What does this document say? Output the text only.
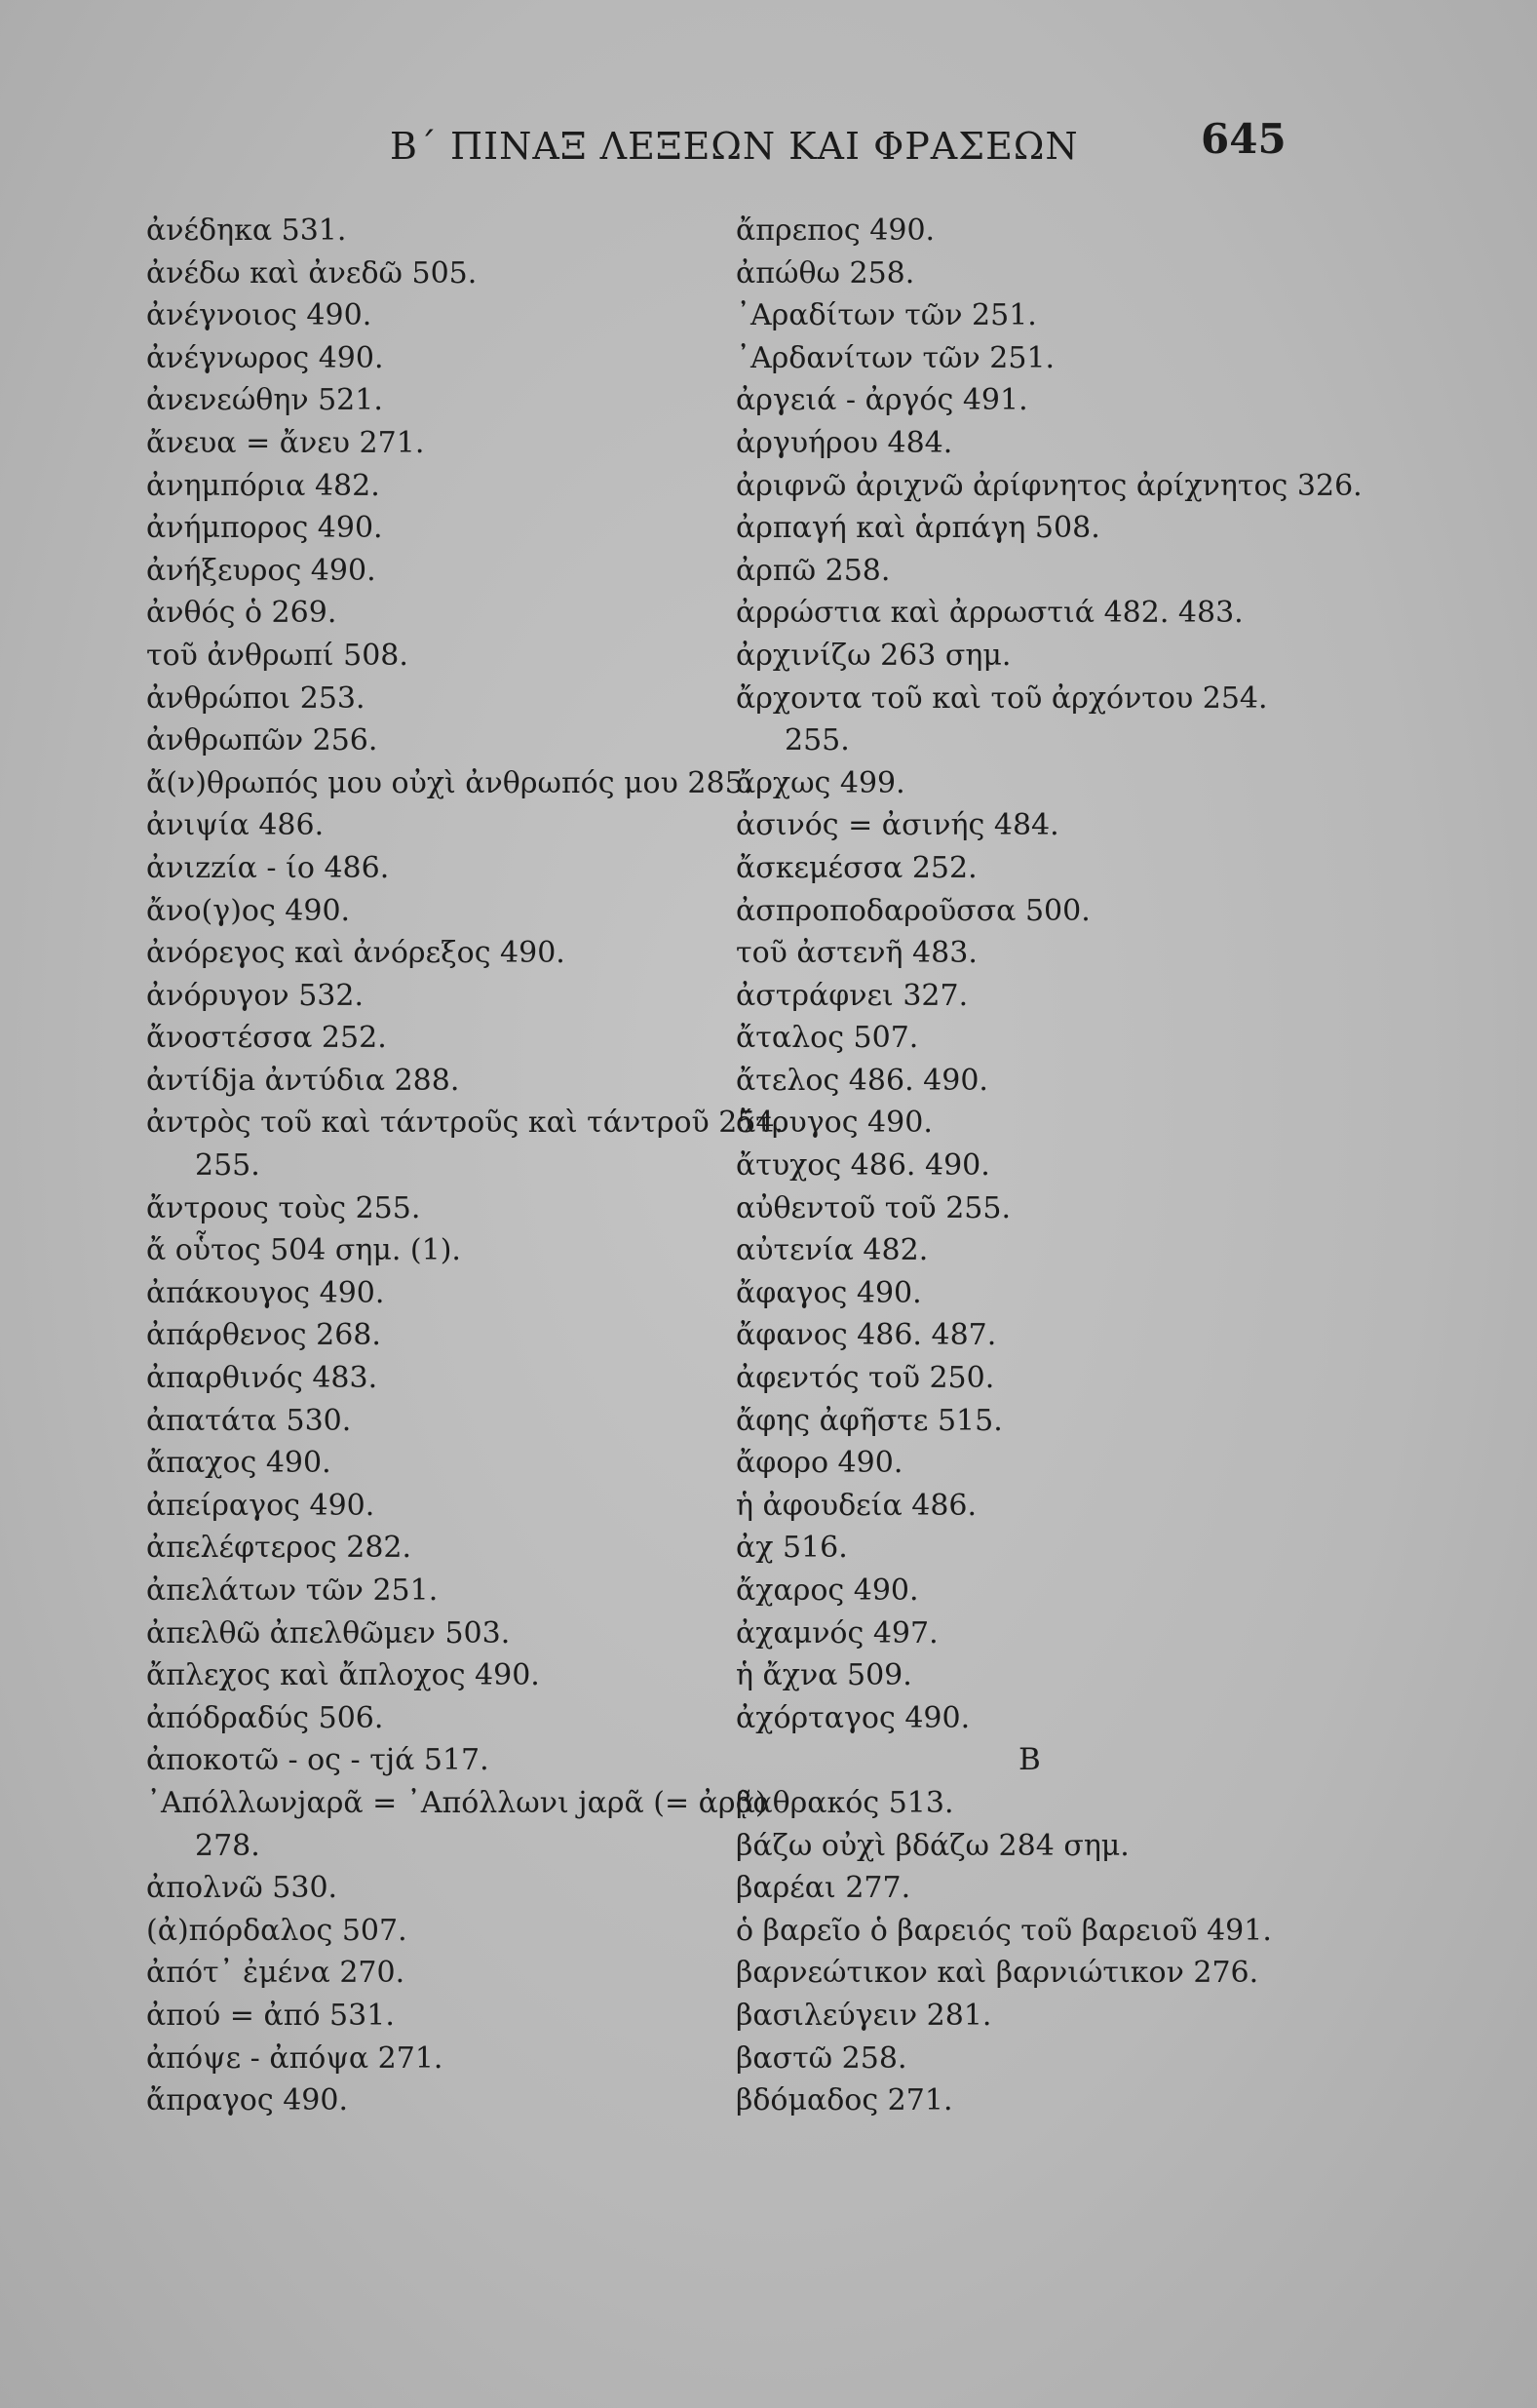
Β΄ ΠΙΝΑΞ ΛΕΞΕΩΝ ΚΑΙ ΦΡΑΣΕΩΝ	645
ἀνέδηκα 531.
ἀνέδω καὶ ἀνεδῶ 505.
ἀνέγνοιος 490.
ἀνέγνωρος 490.
ἀνενεώθην 521.
ἄνευα = ἄνευ 271.
ἀνημπόρια 482.
ἀνήμπορος 490.
ἀνήξευρος 490.
ἀνθός ὁ 269.
τοῦ ἀνθρωπί 508.
ἀνθρώποι 253.
ἀνθρωπῶν 256.
ἄ(ν)θρωπός μου οὐχὶ ἀνθρωπός μου 285.
ἀνιψία 486.
ἀνιzzία - ίο 486.
ἄνο(γ)ος 490.
ἀνόρεγος καὶ ἀνόρεξος 490.
ἀνόρυγον 532.
ἄνοστέσσα 252.
ἀντίδja ἀντύδια 288.
ἀντρὸς τοῦ καὶ τάντροῦς καὶ τάντροῦ 254.
255.
ἄντρους τοὺς 255.
ἄ οὗτος 504 σημ. (1).
ἀπάκουγος 490.
ἀπάρθενος 268.
ἀπαρθινός 483.
ἀπατάτα 530.
ἄπαχος 490.
ἀπείραγος 490.
ἀπελέφτερος 282.
ἀπελάτων τῶν 251.
ἀπελθῶ ἀπελθῶμεν 503.
ἄπλεχος καὶ ἄπλοχος 490.
ἀπόδραδύς 506.
ἀποκοτῶ - ος - τjά 517.
᾽Απόλλωνjαρᾶ = ᾽Απόλλωνι jαρᾶ (= ἀρᾷ)
278.
ἀπολνῶ 530.
(ἀ)πόρδαλος 507.
ἀπότ᾽ ἐμένα 270.
ἀπού = ἀπό 531.
ἀπόψε - ἀπόψα 271.
ἄπραγος 490.
ἄπρεπος 490.
ἀπώθω 258.
᾽Αραδίτων τῶν 251.
᾽Αρδανίτων τῶν 251.
ἀργειά - ἀργός 491.
ἀργυήρου 484.
ἀριφνῶ ἀριχνῶ ἀρίφνητος ἀρίχνητος 326.
ἀρπαγή καὶ ἁρπάγη 508.
ἀρπῶ 258.
ἀρρώστια καὶ ἀρρωστιά 482. 483.
ἀρχινίζω 263 σημ.
ἄρχοντα τοῦ καὶ τοῦ ἀρχόντου 254.
255.
ἄρχως 499.
ἀσινός = ἀσινής 484.
ἄσκεμέσσα 252.
ἀσπροποδαροῦσσα 500.
τοῦ ἀστενῆ 483.
ἀστράφνει 327.
ἄταλος 507.
ἄτελος 486. 490.
ἄτρυγος 490.
ἄτυχος 486. 490.
αὐθεντοῦ τοῦ 255.
αὐτενία 482.
ἄφαγος 490.
ἄφανος 486. 487.
ἀφεντός τοῦ 250.
ἄφης ἀφῆστε 515.
ἄφορο 490.
ἡ ἀφουδεία 486.
ἀχ 516.
ἄχαρος 490.
ἀχαμνός 497.
ἡ ἄχνα 509.
ἀχόρταγος 490.
Β
βαθρακός 513.
βάζω οὐχὶ βδάζω 284 σημ.
βαρέαι 277.
ὁ βαρεῖο ὁ βαρειός τοῦ βαρειοῦ 491.
βαρνεώτικον καὶ βαρνιώτικον 276.
βασιλεύγειν 281.
βαστῶ 258.
βδόμαδος 271.
